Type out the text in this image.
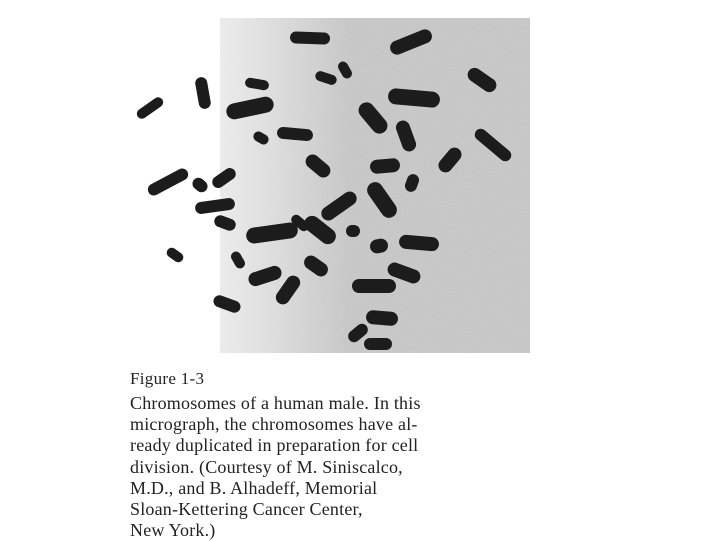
Figure 1-3
Chromosomes of a human male. In this
micrograph, the chromosomes have al-
ready duplicated in preparation for cell
division. (Courtesy of M. Siniscalco,
M.D., and B. Alhadeff, Memorial
Sloan-Kettering Cancer Center,
New York.)
